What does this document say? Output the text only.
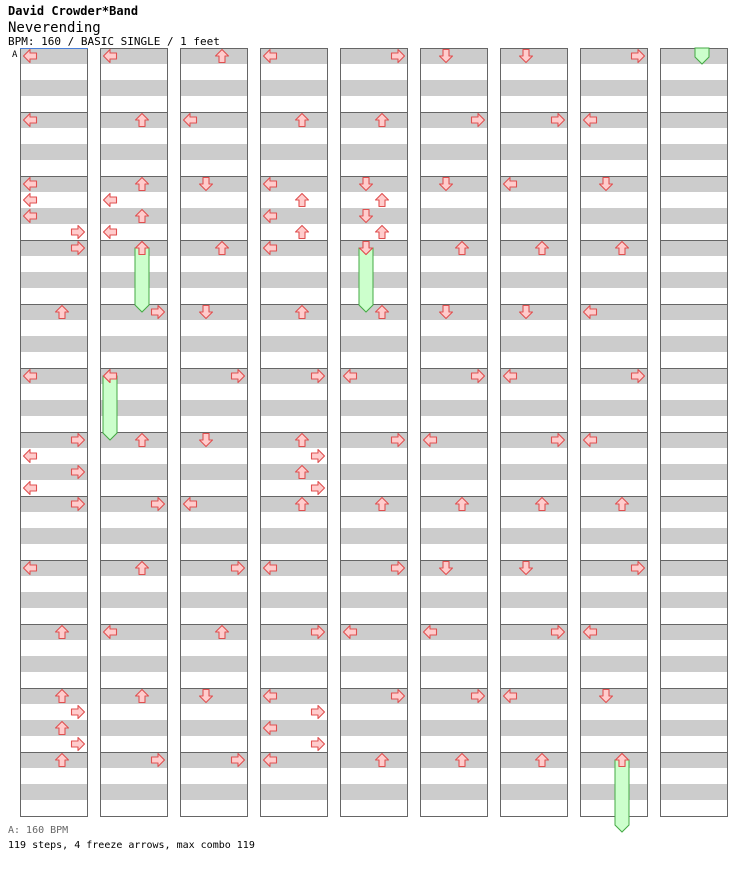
David Crowder*Band
Neverending
BPM: 160 / BASIC SINGLE / 1 feet
A
A: 160 BPM
119 steps, 4 freeze arrows, max combo 119
